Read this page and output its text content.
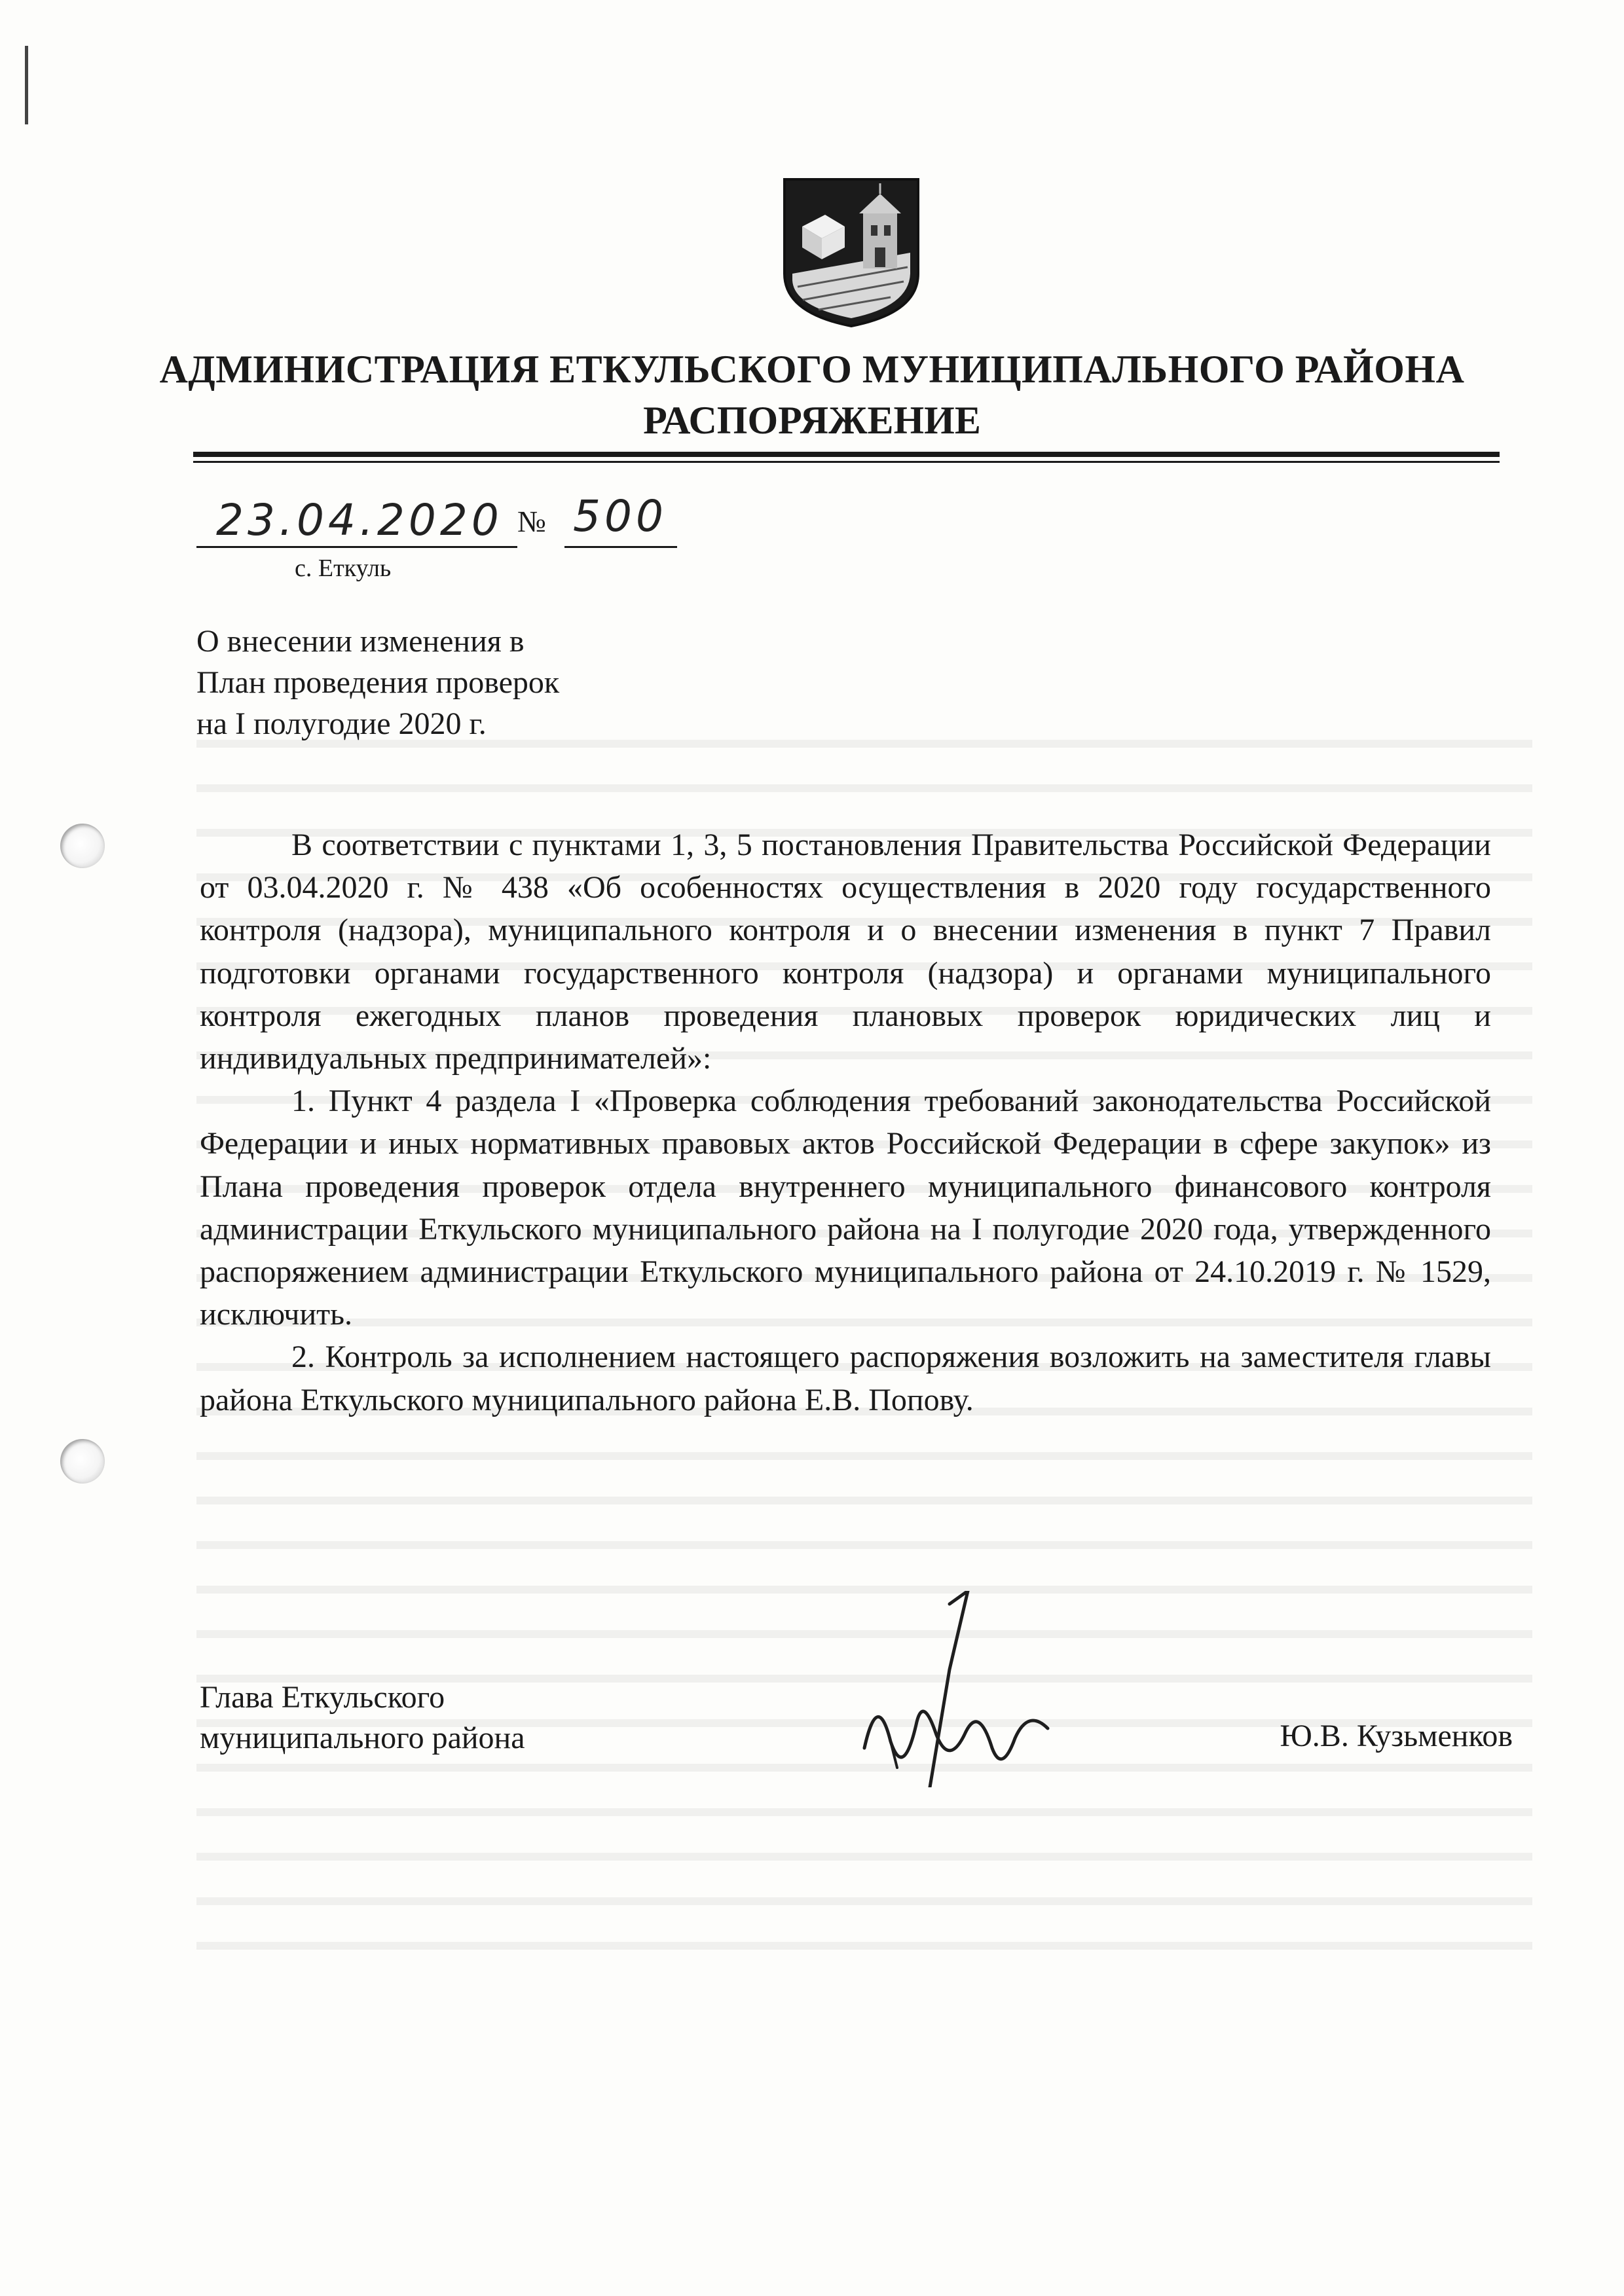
АДМИНИСТРАЦИЯ ЕТКУЛЬСКОГО МУНИЦИПАЛЬНОГО РАЙОНА
РАСПОРЯЖЕНИЕ
23.04.2020 № 500
с. Еткуль
О внесении изменения в
План проведения проверок
на I полугодие 2020 г.

В соответствии с пунктами 1, 3, 5 постановления Правительства Российской Федерации от 03.04.2020 г. № 438 «Об особенностях осуществления в 2020 году государственного контроля (надзора), муниципального контроля и о внесении изменения в пункт 7 Правил подготовки органами государственного контроля (надзора) и органами муниципального контроля ежегодных планов проведения плановых проверок юридических лиц и индивидуальных предпринимателей»:

1. Пункт 4 раздела I «Проверка соблюдения требований законодательства Российской Федерации и иных нормативных правовых актов Российской Федерации в сфере закупок» из Плана проведения проверок отдела внутреннего муниципального финансового контроля администрации Еткульского муниципального района на I полугодие 2020 года, утвержденного распоряжением администрации Еткульского муниципального района от 24.10.2019 г. № 1529, исключить.

2. Контроль за исполнением настоящего распоряжения возложить на заместителя главы района Еткульского муниципального района Е.В. Попову.

Глава Еткульского
муниципального района	Ю.В. Кузьменков
